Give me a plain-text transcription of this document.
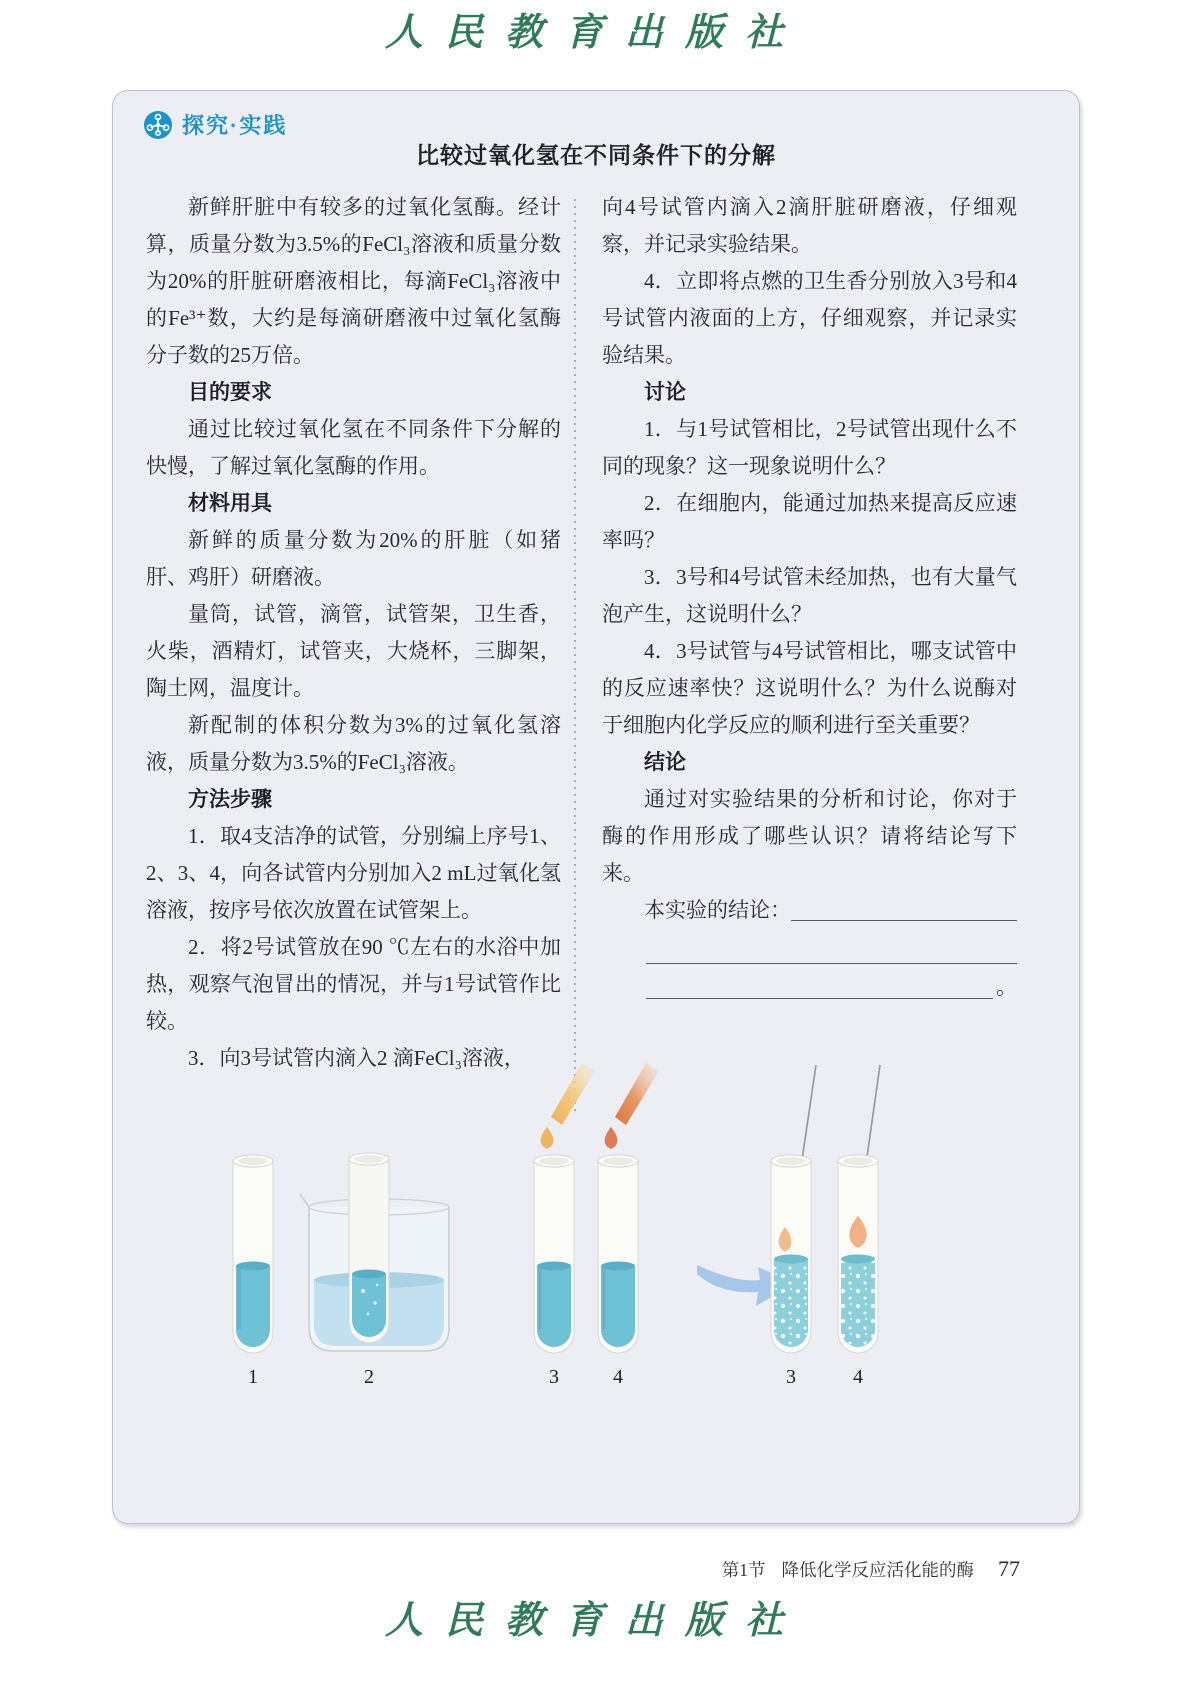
人民教育出版社
探究·实践
比较过氧化氢在不同条件下的分解

新鲜肝脏中有较多的过氧化氢酶。经计算，质量分数为3.5%的FeCl₃溶液和质量分数为20%的肝脏研磨液相比，每滴FeCl₃溶液中的Fe³⁺数，大约是每滴研磨液中过氧化氢酶分子数的25万倍。

目的要求

通过比较过氧化氢在不同条件下分解的快慢，了解过氧化氢酶的作用。

材料用具

新鲜的质量分数为20%的肝脏（如猪肝、鸡肝）研磨液。

量筒，试管，滴管，试管架，卫生香，火柴，酒精灯，试管夹，大烧杯，三脚架，陶土网，温度计。

新配制的体积分数为3%的过氧化氢溶液，质量分数为3.5%的FeCl₃溶液。

方法步骤

1．取4支洁净的试管，分别编上序号1、2、3、4，向各试管内分别加入2 mL过氧化氢溶液，按序号依次放置在试管架上。

2．将2号试管放在90 ℃左右的水浴中加热，观察气泡冒出的情况，并与1号试管作比较。

3．向3号试管内滴入2 滴FeCl₃溶液，

向4号试管内滴入2滴肝脏研磨液，仔细观察，并记录实验结果。

4．立即将点燃的卫生香分别放入3号和4号试管内液面的上方，仔细观察，并记录实验结果。

讨论

1．与1号试管相比，2号试管出现什么不同的现象？这一现象说明什么？

2．在细胞内，能通过加热来提高反应速率吗？

3．3号和4号试管未经加热，也有大量气泡产生，这说明什么？

4．3号试管与4号试管相比，哪支试管中的反应速率快？这说明什么？为什么说酶对于细胞内化学反应的顺利进行至关重要？

结论

通过对实验结果的分析和讨论，你对于酶的作用形成了哪些认识？请将结论写下来。

本实验的结论：

。
1	2	3	4	3	4
第1节 降低化学反应活化能的酶 77
人民教育出版社
